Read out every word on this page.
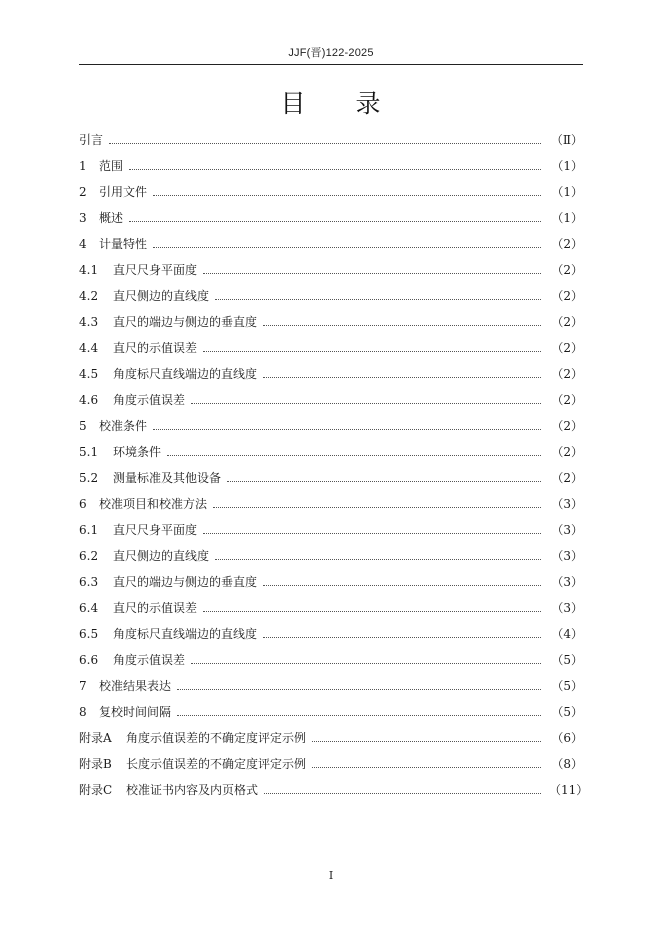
JJF(晋)122-2025
目 录
引言	（Ⅱ）
1	范围	（1）
2	引用文件	（1）
3	概述	（1）
4	计量特性	（2）
4.1	直尺尺身平面度	（2）
4.2	直尺侧边的直线度	（2）
4.3	直尺的端边与侧边的垂直度	（2）
4.4	直尺的示值误差	（2）
4.5	角度标尺直线端边的直线度	（2）
4.6	角度示值误差	（2）
5	校准条件	（2）
5.1	环境条件	（2）
5.2	测量标准及其他设备	（2）
6	校准项目和校准方法	（3）
6.1	直尺尺身平面度	（3）
6.2	直尺侧边的直线度	（3）
6.3	直尺的端边与侧边的垂直度	（3）
6.4	直尺的示值误差	（3）
6.5	角度标尺直线端边的直线度	（4）
6.6	角度示值误差	（5）
7	校准结果表达	（5）
8	复校时间间隔	（5）
附录A	角度示值误差的不确定度评定示例	（6）
附录B	长度示值误差的不确定度评定示例	（8）
附录C	校准证书内容及内页格式	（11）
I
